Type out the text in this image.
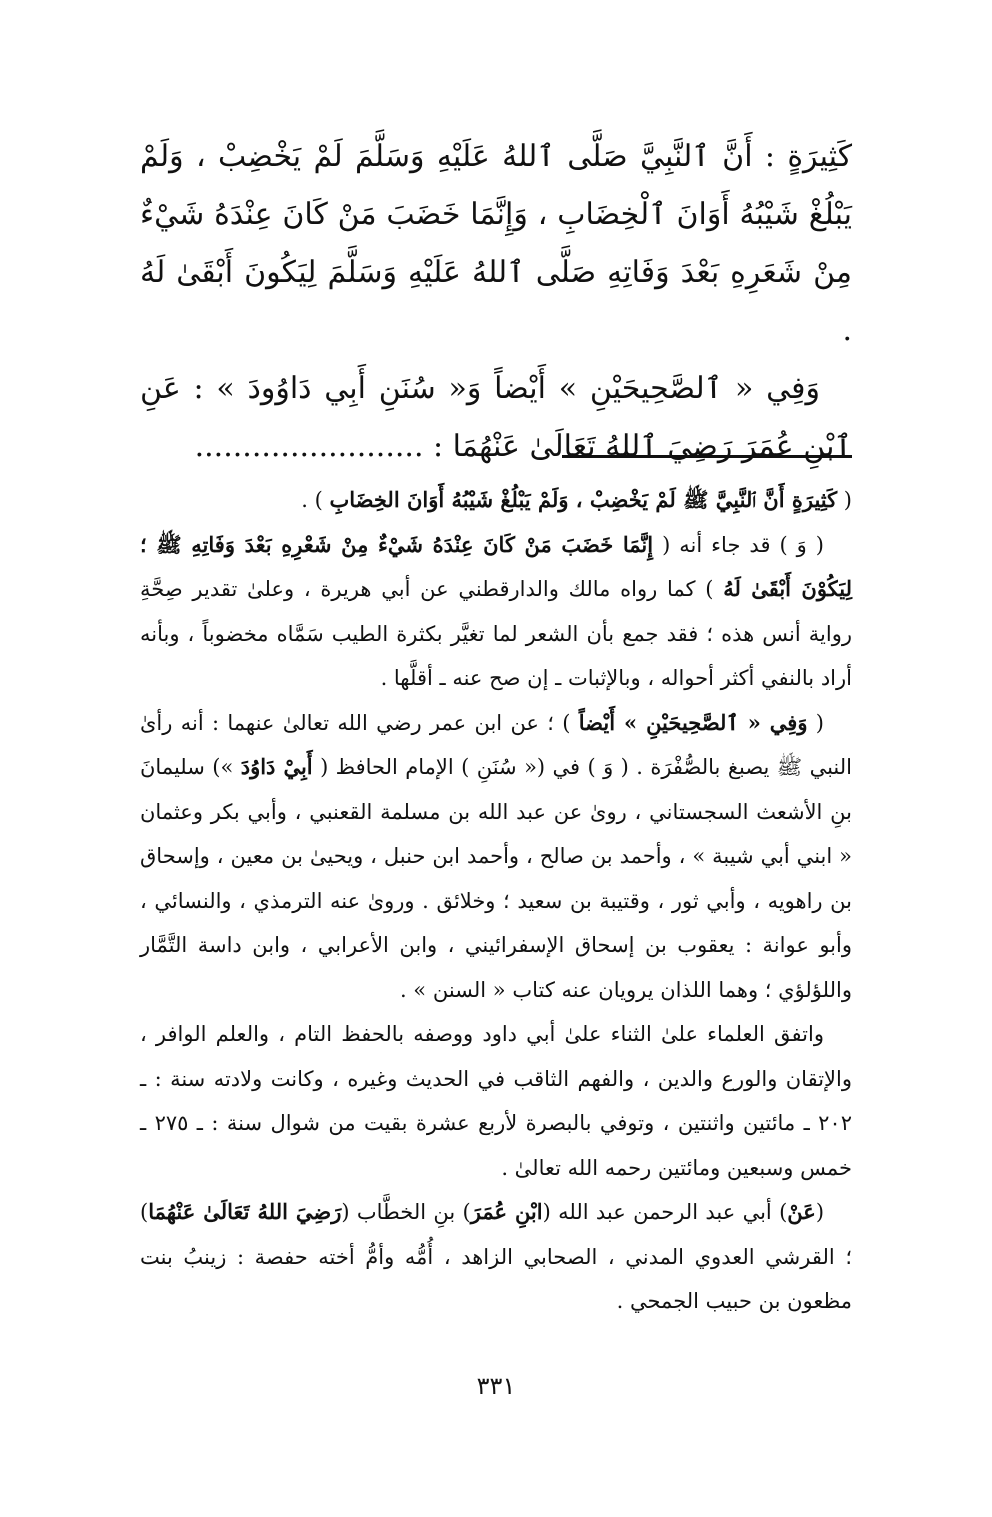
كَثِيرَةٍ : أَنَّ ٱلنَّبِيَّ صَلَّى ٱللهُ عَلَيْهِ وَسَلَّمَ لَمْ يَخْضِبْ ، وَلَمْ يَبْلُغْ شَيْبُهُ أَوَانَ ٱلْخِضَابِ ، وَإِنَّمَا خَضَبَ مَنْ كَانَ عِنْدَهُ شَيْءٌ مِنْ شَعَرِهِ بَعْدَ وَفَاتِهِ صَلَّى ٱللهُ عَلَيْهِ وَسَلَّمَ لِيَكُونَ أَبْقَىٰ لَهُ .

وَفِي « ٱلصَّحِيحَيْنِ » أَيْضاً وَ« سُنَنِ أَبِي دَاوُودَ » : عَنِ ٱبْنِ عُمَرَ رَضِيَ ٱللهُ تَعَالَىٰ عَنْهُمَا : ........................

( كَثِيرَةٍ أَنَّ ٱلنَّبِيَّ ﷺ لَمْ يَخْضِبْ ، وَلَمْ يَبْلُغْ شَيْبُهُ أَوَانَ الخِضَابِ ) .

( وَ ) قد جاء أنه ( إِنَّمَا خَضَبَ مَنْ كَانَ عِنْدَهُ شَيْءٌ مِنْ شَعْرِهِ بَعْدَ وَفَاتِهِ ﷺ ؛ لِيَكُوْنَ أَبْقَىٰ لَهُ ) كما رواه مالك والدارقطني عن أبي هريرة ، وعلىٰ تقدير صِحَّةِ رواية أنس هذه ؛ فقد جمع بأن الشعر لما تغيَّر بكثرة الطيب سَمَّاه مخضوباً ، وبأنه أراد بالنفي أكثر أحواله ، وبالإثبات ـ إن صح عنه ـ أقلَّها .

( وَفِي « ٱلصَّحِيحَيْنِ » أَيْضاً ) ؛ عن ابن عمر رضي الله تعالىٰ عنهما : أنه رأىٰ النبي ﷺ يصبغ بالصُّفْرَة . ( وَ ) في (« سُنَنِ ) الإمام الحافظ ( أَبِيْ دَاوُدَ ») سليمانَ بنِ الأشعث السجستاني ، روىٰ عن عبد الله بن مسلمة القعنبي ، وأبي بكر وعثمان « ابني أبي شيبة » ، وأحمد بن صالح ، وأحمد ابن حنبل ، ويحيىٰ بن معين ، وإسحاق بن راهويه ، وأبي ثور ، وقتيبة بن سعيد ؛ وخلائق . وروىٰ عنه الترمذي ، والنسائي ، وأبو عوانة : يعقوب بن إسحاق الإسفرائيني ، وابن الأعرابي ، وابن داسة التَّمَّار واللؤلؤي ؛ وهما اللذان يرويان عنه كتاب « السنن » .

واتفق العلماء علىٰ الثناء علىٰ أبي داود ووصفه بالحفظ التام ، والعلم الوافر ، والإتقان والورع والدين ، والفهم الثاقب في الحديث وغيره ، وكانت ولادته سنة : ـ ٢٠٢ ـ مائتين واثنتين ، وتوفي بالبصرة لأربع عشرة بقيت من شوال سنة : ـ ٢٧٥ ـ خمس وسبعين ومائتين رحمه الله تعالىٰ .

(عَنْ) أبي عبد الرحمن عبد الله (ابْنِ عُمَرَ) بنِ الخطَّاب (رَضِيَ اللهُ تَعَالَىٰ عَنْهُمَا) ؛ القرشي العدوي المدني ، الصحابي الزاهد ، أُمُّه وأمُّ أخته حفصة : زينبُ بنت مظعون بن حبيب الجمحي .

٣٣١
